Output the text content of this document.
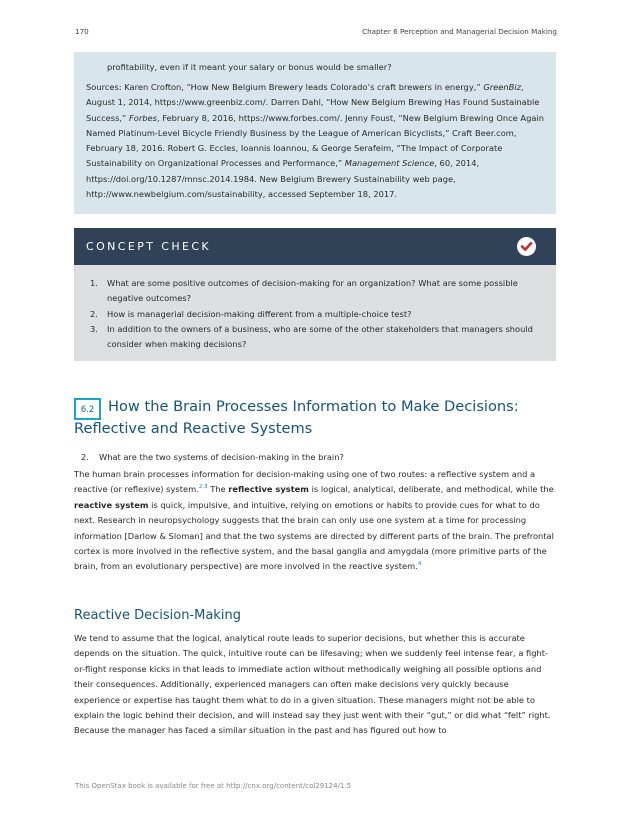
170	Chapter 6 Perception and Managerial Decision Making

profitability, even if it meant your salary or bonus would be smaller?

Sources: Karen Crofton, “How New Belgium Brewery leads Colorado’s craft brewers in energy,” GreenBiz, August 1, 2014, https://www.greenbiz.com/. Darren Dahl, “How New Belgium Brewing Has Found Sustainable Success,” Forbes, February 8, 2016, https://www.forbes.com/. Jenny Foust, “New Belgium Brewing Once Again Named Platinum-Level Bicycle Friendly Business by the League of American Bicyclists,” Craft Beer.com, February 18, 2016. Robert G. Eccles, Ioannis Ioannou, & George Serafeim, “The Impact of Corporate Sustainability on Organizational Processes and Performance,” Management Science, 60, 2014, https://doi.org/10.1287/mnsc.2014.1984. New Belgium Brewery Sustainability web page, http://www.newbelgium.com/sustainability, accessed September 18, 2017.

CONCEPT CHECK
1. What are some positive outcomes of decision-making for an organization? What are some possible negative outcomes?
2. How is managerial decision-making different from a multiple-choice test?
3. In addition to the owners of a business, who are some of the other stakeholders that managers should consider when making decisions?
6.2 How the Brain Processes Information to Make Decisions: Reflective and Reactive Systems
2. What are the two systems of decision-making in the brain?

The human brain processes information for decision-making using one of two routes: a reflective system and a reactive (or reflexive) system.$^{2,3}$ The reflective system is logical, analytical, deliberate, and methodical, while the reactive system is quick, impulsive, and intuitive, relying on emotions or habits to provide cues for what to do next. Research in neuropsychology suggests that the brain can only use one system at a time for processing information [Darlow & Sloman] and that the two systems are directed by different parts of the brain. The prefrontal cortex is more involved in the reflective system, and the basal ganglia and amygdala (more primitive parts of the brain, from an evolutionary perspective) are more involved in the reactive system.$^4$

Reactive Decision-Making

We tend to assume that the logical, analytical route leads to superior decisions, but whether this is accurate depends on the situation. The quick, intuitive route can be lifesaving; when we suddenly feel intense fear, a fight-or-flight response kicks in that leads to immediate action without methodically weighing all possible options and their consequences. Additionally, experienced managers can often make decisions very quickly because experience or expertise has taught them what to do in a given situation. These managers might not be able to explain the logic behind their decision, and will instead say they just went with their “gut,” or did what “felt” right. Because the manager has faced a similar situation in the past and has figured out how to

This OpenStax book is available for free at http://cnx.org/content/col29124/1.5
